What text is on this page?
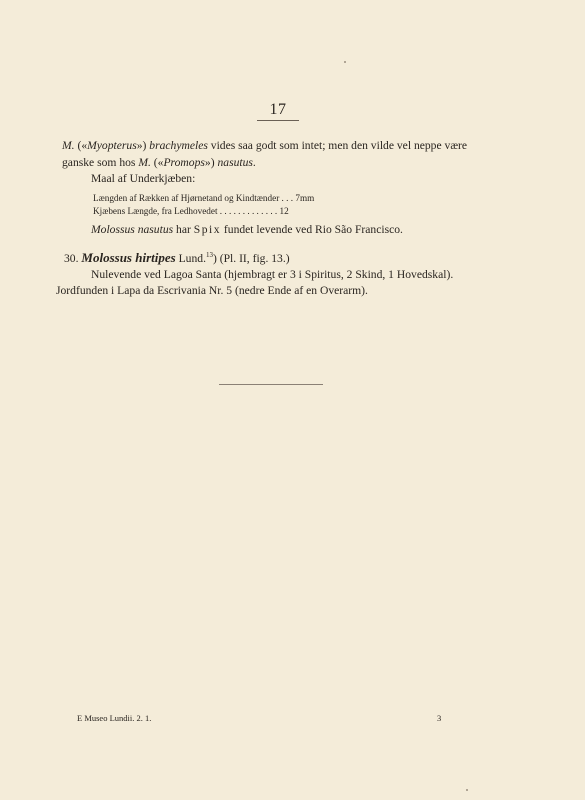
17
M. («Myopterus») brachymeles vides saa godt som intet; men den vilde vel neppe være
ganske som hos M. («Promops») nasutus.
Maal af Underkjæben:
Længden af Rækken af Hjørnetand og Kindtænder . . . 7mm
Kjæbens Længde, fra Ledhovedet . . . . . . . . . . . . . 12
Molossus nasutus har Spix fundet levende ved Rio São Francisco.
30. Molossus hirtipes Lund.$^{13}$) (Pl. II, fig. 13.)
Nulevende ved Lagoa Santa (hjembragt er 3 i Spiritus, 2 Skind, 1 Hovedskal).
Jordfunden i Lapa da Escrivania Nr. 5 (nedre Ende af en Overarm).
E Museo Lundii. 2. 1.	3
